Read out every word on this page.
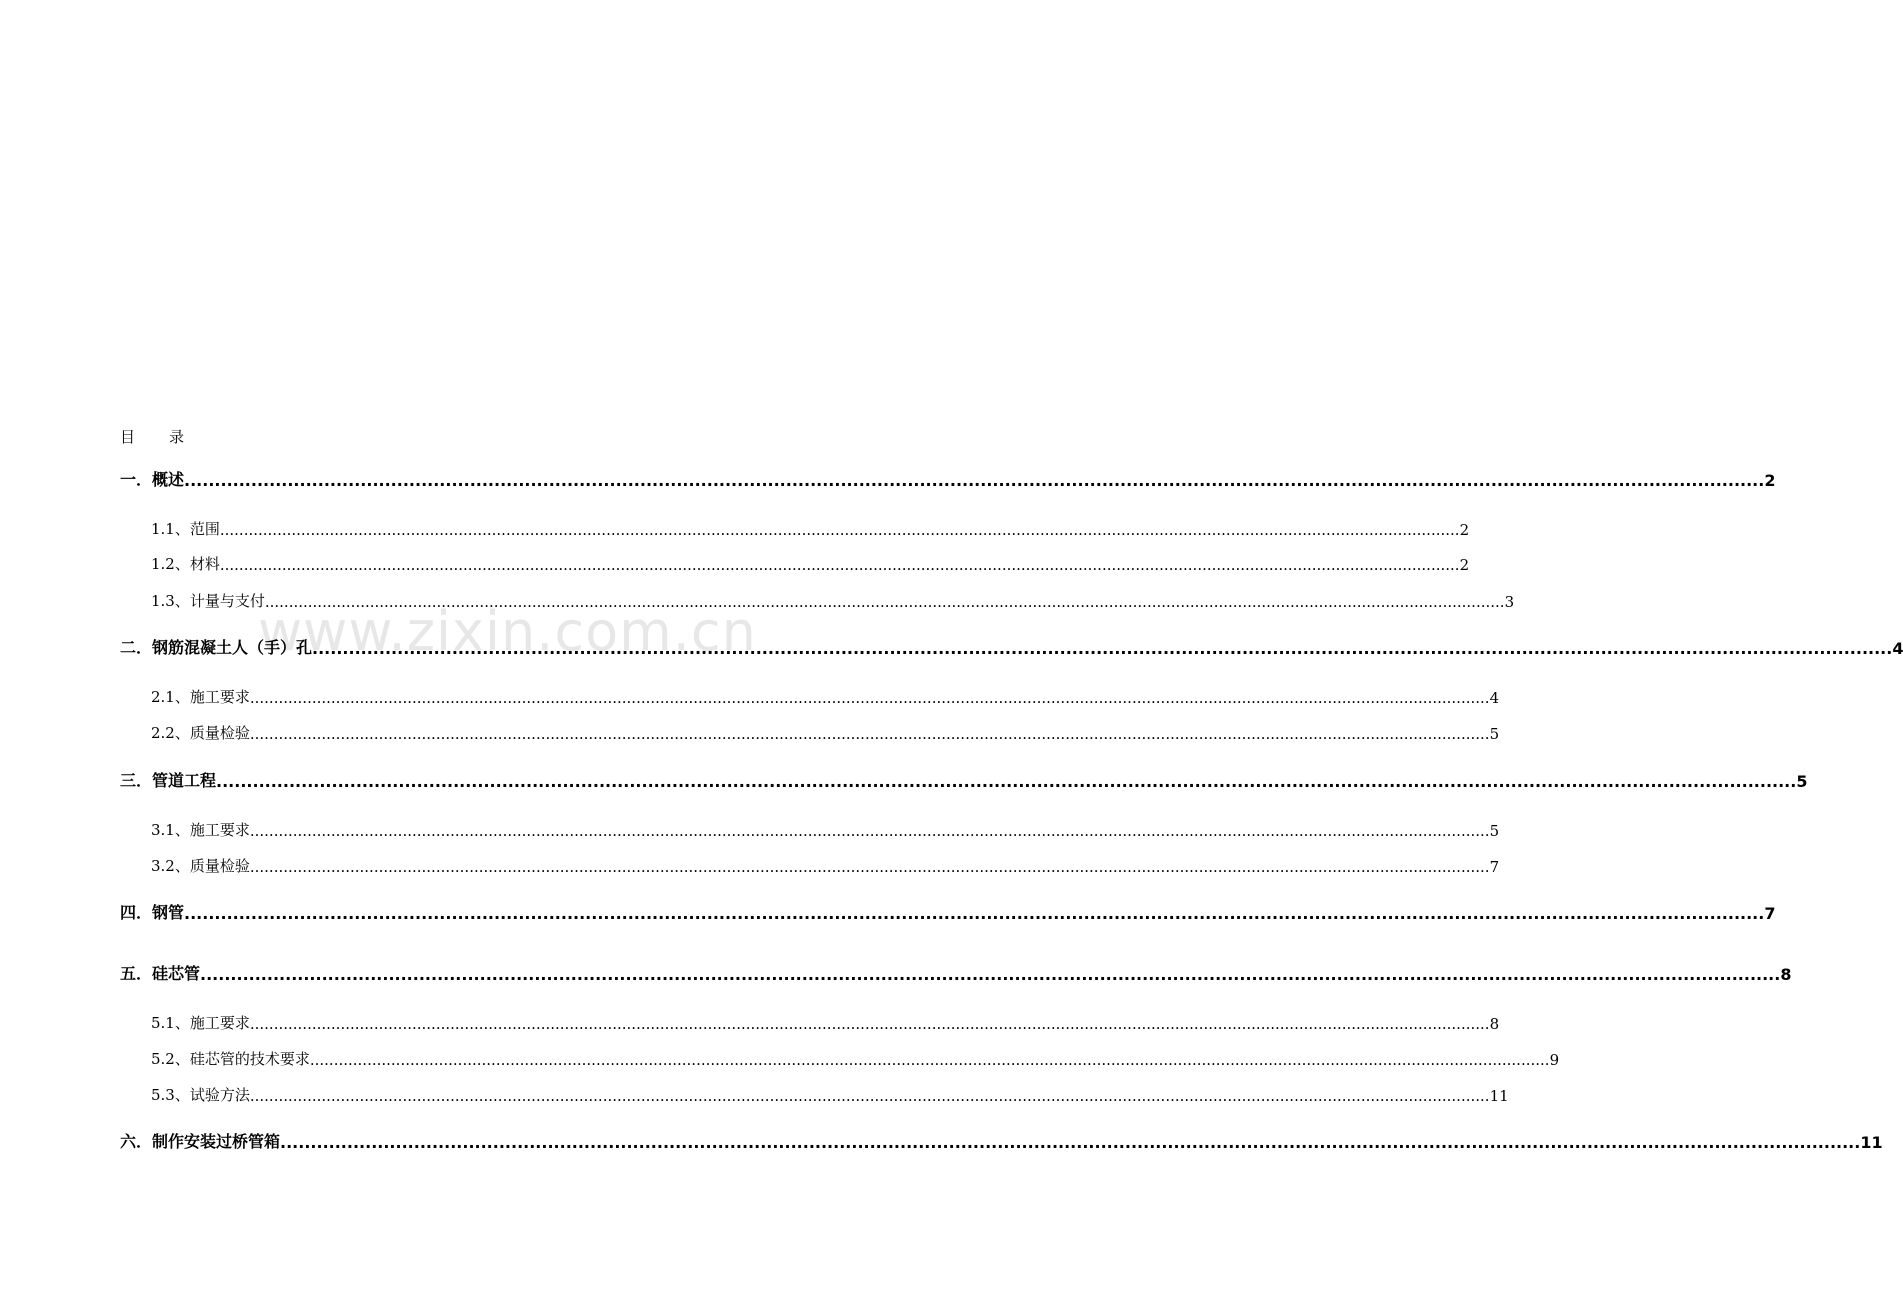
www.zixin.com.cn
目 录
一．概述 .................................................................................................................................................................................................................................................................... 2
1.1、范围 .................................................................................................................................................................................................................................................................... 2
1.2、材料 .................................................................................................................................................................................................................................................................... 2
1.3、计量与支付 .................................................................................................................................................................................................................................................................... 3
二．钢筋混凝土人（手）孔 .................................................................................................................................................................................................................................................................... 4
2.1、施工要求 .................................................................................................................................................................................................................................................................... 4
2.2、质量检验 .................................................................................................................................................................................................................................................................... 5
三．管道工程 .................................................................................................................................................................................................................................................................... 5
3.1、施工要求 .................................................................................................................................................................................................................................................................... 5
3.2、质量检验 .................................................................................................................................................................................................................................................................... 7
四．钢管 .................................................................................................................................................................................................................................................................... 7
五．硅芯管 .................................................................................................................................................................................................................................................................... 8
5.1、施工要求 .................................................................................................................................................................................................................................................................... 8
5.2、硅芯管的技术要求 .................................................................................................................................................................................................................................................................... 9
5.3、试验方法 .................................................................................................................................................................................................................................................................... 11
六．制作安装过桥管箱 .................................................................................................................................................................................................................................................................... 11
